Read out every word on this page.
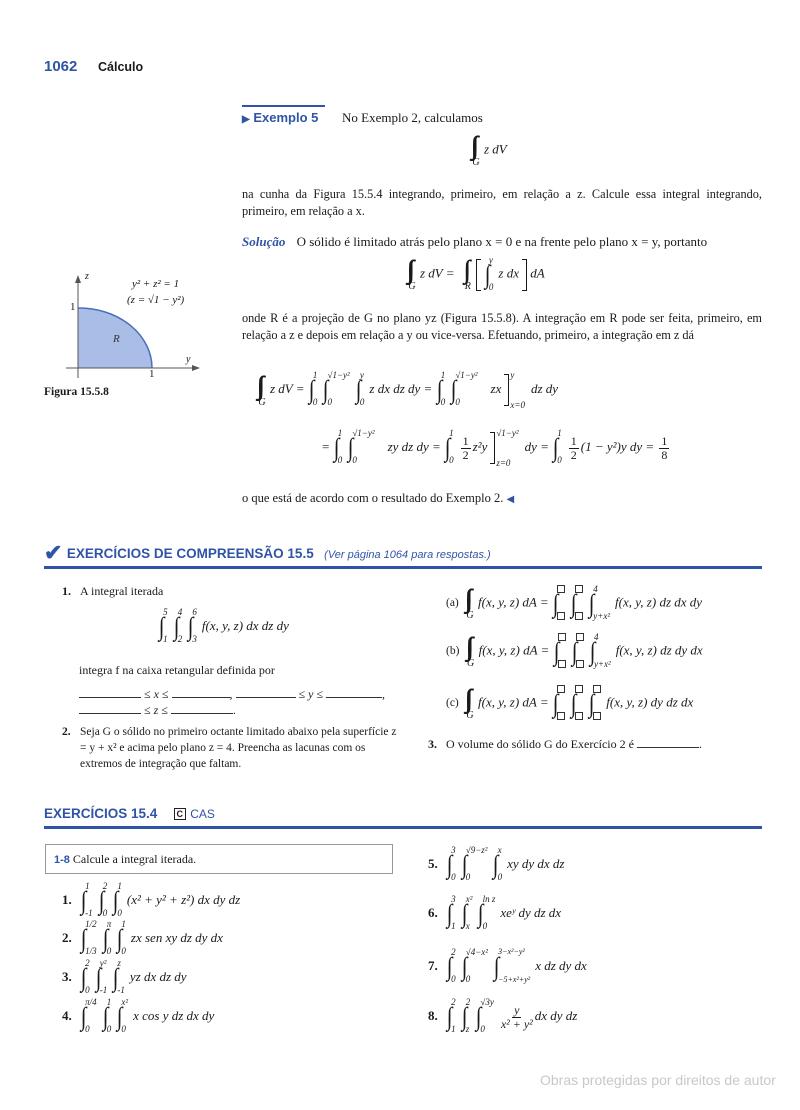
1062 Cálculo
▶ Exemplo 5 No Exemplo 2, calculamos
G
z dV
na cunha da Figura 15.5.4 integrando, primeiro, em relação a z. Calcule essa integral integrando, primeiro, em relação a x.
Solução O sólido é limitado atrás pelo plano x = 0 e na frente pelo plano x = y, portanto
G
z dV =
R ∫
y
0
z dx dA
onde R é a projeção de G no plano yz (Figura 15.5.8). A integração em R pode ser feita, primeiro, em relação a z e depois em relação a y ou vice-versa. Efetuando, primeiro, a integração em z dá
z
y
1
1
R
y² + z² = 1
(z = √1 − y²)
Figura 15.5.8
G
z dV = ∫
1
0 ∫
√1−y²
0 ∫
y
0
z dx dz dy = ∫
1
0 ∫
√1−y²
0
zx
y
x=0
dz dy
= ∫
1
0 ∫
√1−y²
0
zy dz dy = ∫
1
$0 \frac{1}{2} z^2y$
√1−y²
z=0
dy = ∫
1
$0 \frac{1}{2} (1 - y^2)y$ dy = $\frac{1}{8}$
o que está de acordo com o resultado do Exemplo 2. ◀
✔ EXERCÍCIOS DE COMPREENSÃO 15.5 (Ver página 1064 para respostas.)
1. A integral iterada
∫
5
1 ∫
4
2 ∫
6
3
f(x, y, z) dx dz dy
integra f na caixa retangular definida por
≤ x ≤	,	≤ y ≤	,
≤ z ≤	.
2. Seja G o sólido no primeiro octante limitado abaixo pela superfície z = y + x² e acima pelo plano z = 4. Preencha as lacunas com os extremos de integração que faltam.
(a)
G
f(x, y, z) dA = ∫ ∫ ∫
4
y+x²
f(x, y, z) dz dx dy
(b)
G
f(x, y, z) dA = ∫ ∫ ∫
4
y+x²
f(x, y, z) dz dy dx
(c)
G
f(x, y, z) dA = ∫ ∫ ∫ f(x, y, z) dy dz dx
3. O volume do sólido G do Exercício 2 é	.
EXERCÍCIOS 15.4 C CAS
1-8 Calcule a integral iterada.
1. ∫
1
-1 ∫
2
0 ∫
1
0
(x² + y² + z²) dx dy dz
2. ∫
1/2
1/3 ∫
π
0 ∫
1
0
zx sen xy dz dy dx
3. ∫
2
0 ∫
y²
-1 ∫
z
-1
yz dx dz dy
4. ∫
π/4
0 ∫
1
0 ∫
x²
0
x cos y dz dx dy
5. ∫
3
0 ∫
√9−z²
0 ∫
x
0
xy dy dx dz
6. ∫
3
1 ∫
x²
x ∫
ln z
0
xeʸ dy dz dx
7. ∫
2
0 ∫
√4−x²
0 ∫
3−x²−y²
−5+x²+y²
x dz dy dx
8. ∫
2
1 ∫
2
z ∫
√3y
0	$\frac{y}{\text{x² + y²}}$ dx dy dz
Obras protegidas por direitos de autor
